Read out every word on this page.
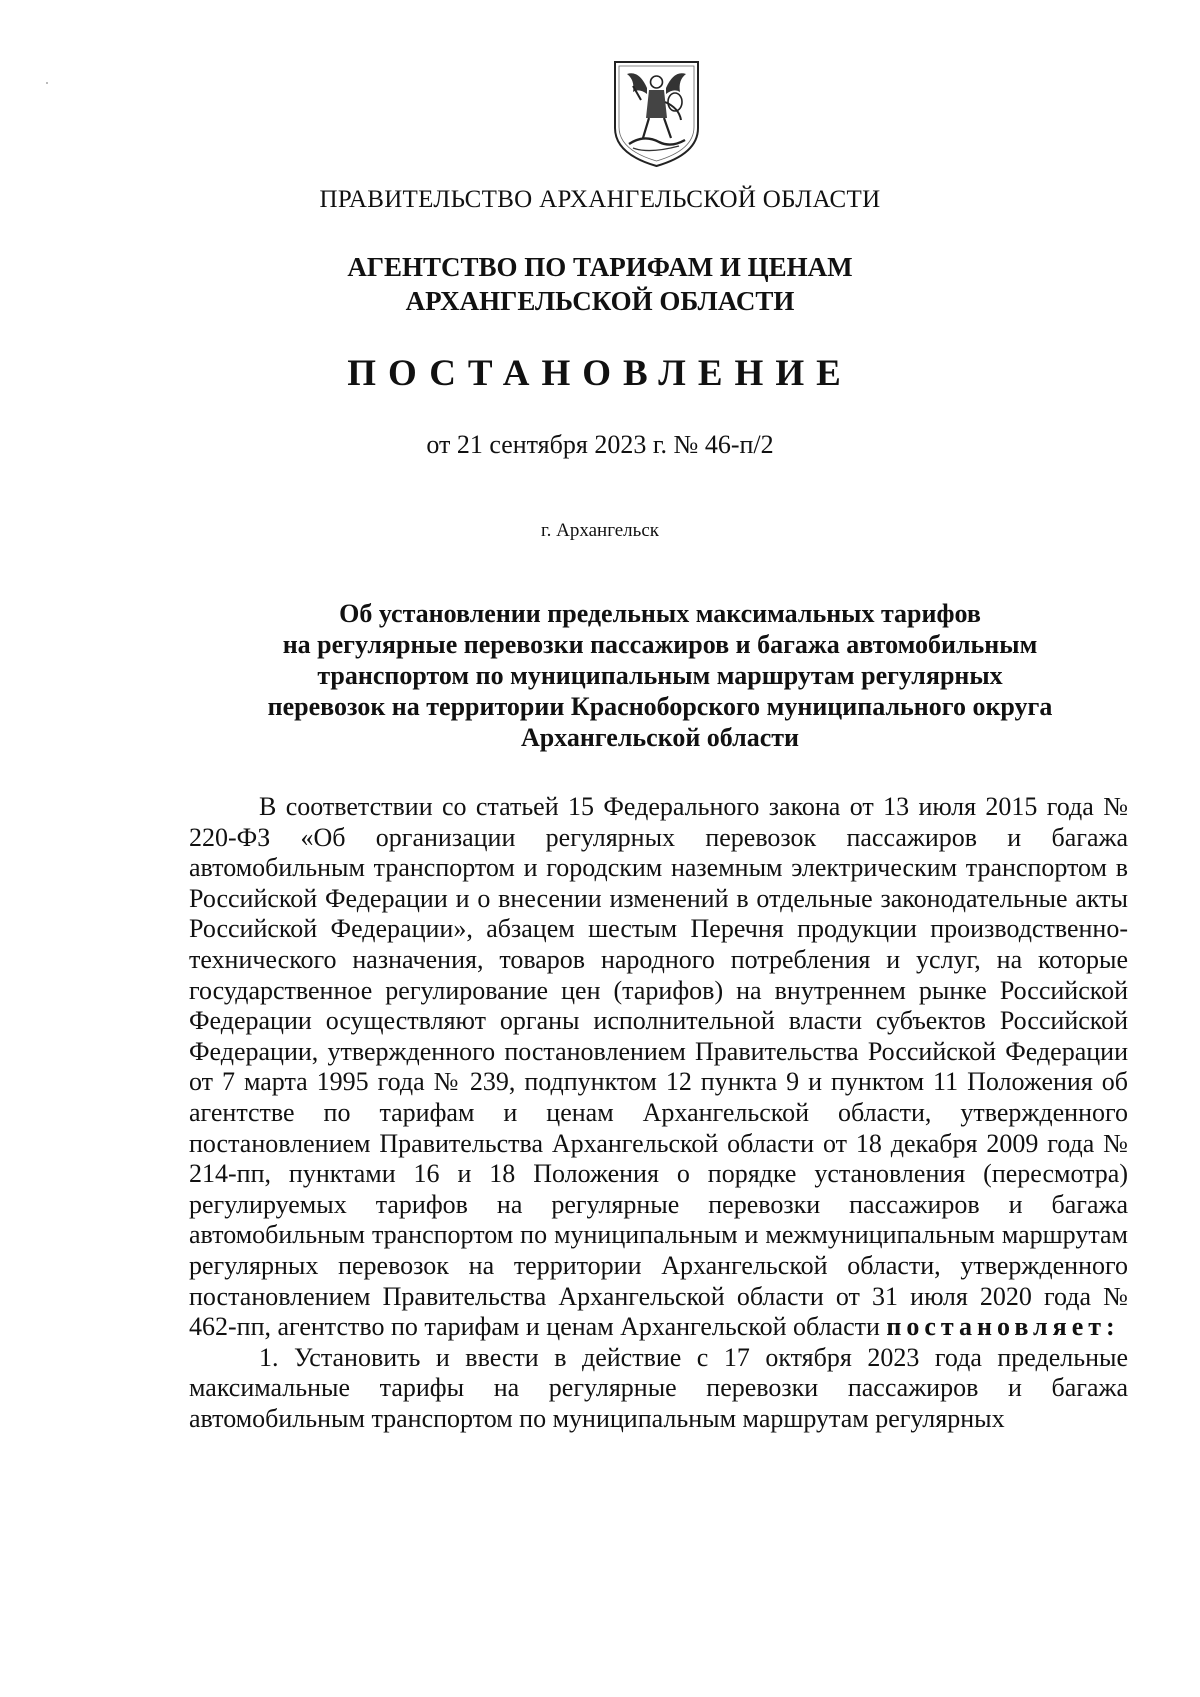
ПРАВИТЕЛЬСТВО АРХАНГЕЛЬСКОЙ ОБЛАСТИ
АГЕНТСТВО ПО ТАРИФАМ И ЦЕНАМ
АРХАНГЕЛЬСКОЙ ОБЛАСТИ
ПОСТАНОВЛЕНИЕ
от 21 сентября 2023 г. № 46-п/2
г. Архангельск
Об установлении предельных максимальных тарифов
на регулярные перевозки пассажиров и багажа автомобильным
транспортом по муниципальным маршрутам регулярных
перевозок на территории Красноборского муниципального округа
Архангельской области

В соответствии со статьей 15 Федерального закона от 13 июля 2015 года № 220-ФЗ «Об организации регулярных перевозок пассажиров и багажа автомобильным транспортом и городским наземным электрическим транспортом в Российской Федерации и о внесении изменений в отдельные законодательные акты Российской Федерации», абзацем шестым Перечня продукции производственно-технического назначения, товаров народного потребления и услуг, на которые государственное регулирование цен (тарифов) на внутреннем рынке Российской Федерации осуществляют органы исполнительной власти субъектов Российской Федерации, утвержденного постановлением Правительства Российской Федерации от 7 марта 1995 года № 239, подпунктом 12 пункта 9 и пунктом 11 Положения об агентстве по тарифам и ценам Архангельской области, утвержденного постановлением Правительства Архангельской области от 18 декабря 2009 года № 214-пп, пунктами 16 и 18 Положения о порядке установления (пересмотра) регулируемых тарифов на регулярные перевозки пассажиров и багажа автомобильным транспортом по муниципальным и межмуниципальным маршрутам регулярных перевозок на территории Архангельской области, утвержденного постановлением Правительства Архангельской области от 31 июля 2020 года № 462-пп, агентство по тарифам и ценам Архангельской области постановляет:

1. Установить и ввести в действие с 17 октября 2023 года предельные максимальные тарифы на регулярные перевозки пассажиров и багажа автомобильным транспортом по муниципальным маршрутам регулярных
